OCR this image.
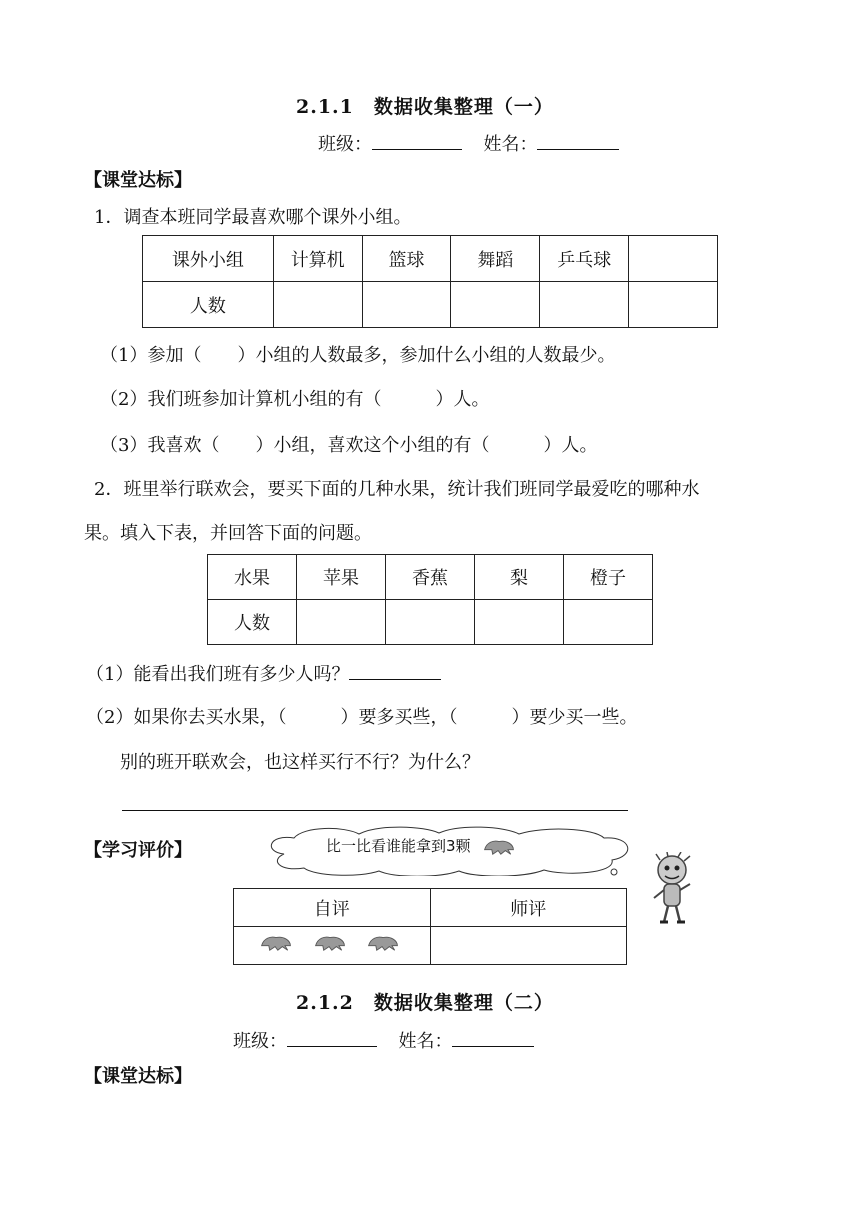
2.1.1　数据收集整理（一）
班级：	姓名：
【课堂达标】
1．调查本班同学最喜欢哪个课外小组。
课外小组	计算机	篮球	舞蹈	乒乓球	
人数					
（1）参加（　　）小组的人数最多，参加什么小组的人数最少。
（2）我们班参加计算机小组的有（　　　）人。
（3）我喜欢（　　）小组，喜欢这个小组的有（　　　）人。
2．班里举行联欢会，要买下面的几种水果，统计我们班同学最爱吃的哪种水
果。填入下表，并回答下面的问题。
水果	苹果	香蕉	梨	橙子
人数				
（1）能看出我们班有多少人吗？
（2）如果你去买水果，（　　　）要多买些，（　　　）要少买一些。
别的班开联欢会，也这样买行不行？为什么？
【学习评价】	比一比看谁能拿到3颗
自评	师评

2.1.2　数据收集整理（二）
班级：	姓名：
【课堂达标】
